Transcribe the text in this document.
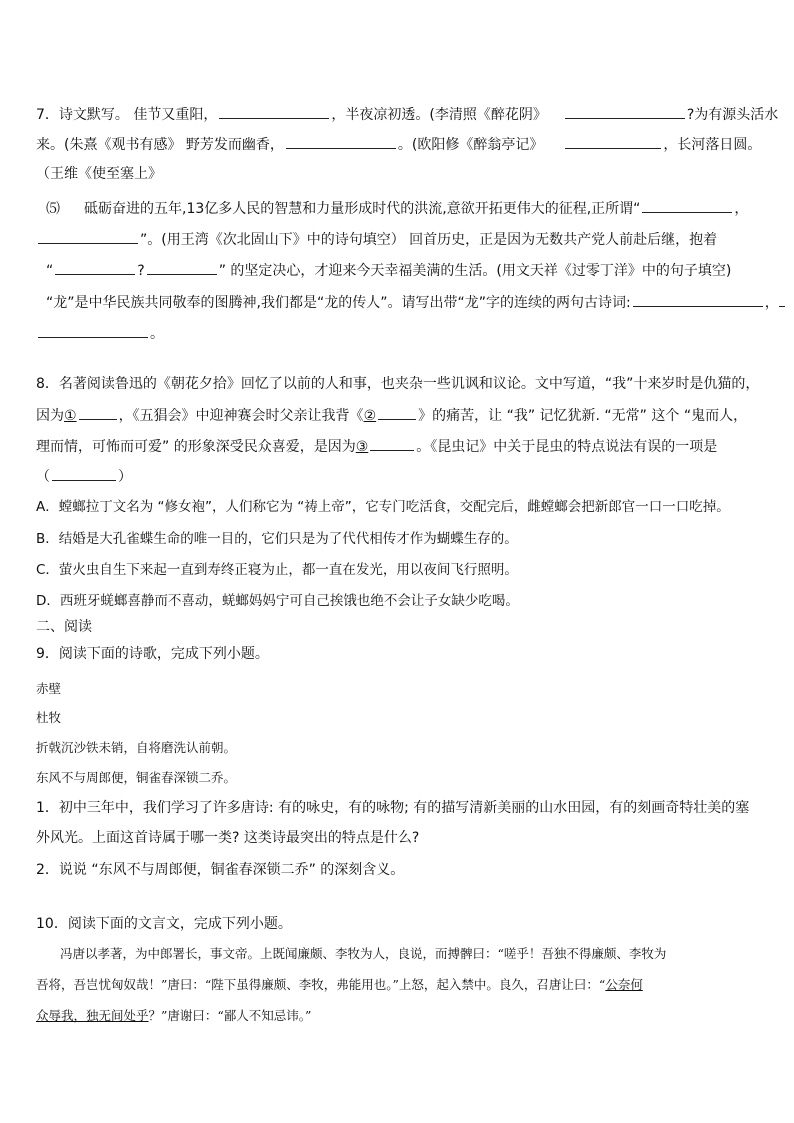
7．诗文默写。 佳节又重阳，	，半夜凉初透。(李清照《醉花阴》	?为有源头活水
来。(朱熹《观书有感》 野芳发而幽香，	。(欧阳修《醉翁亭记》	，长河落日圆。
（王维《使至塞上》
⑸ 砥砺奋进的五年,13亿多人民的智慧和力量形成时代的洪流,意欲开拓更伟大的征程,正所谓“	，
”。(用王湾《次北固山下》中的诗句填空） 回首历史，正是因为无数共产党人前赴后继，抱着
“	?	” 的坚定决心，才迎来今天幸福美满的生活。(用文天祥《过零丁洋》中的句子填空)
“龙”是中华民族共同敬奉的图腾神,我们都是“龙的传人”。请写出带“龙”字的连续的两句古诗词:	，
。
8．名著阅读鲁迅的《朝花夕拾》回忆了以前的人和事，也夹杂一些讥讽和议论。文中写道，“我”十来岁时是仇猫的，
因为①	，《五猖会》中迎神赛会时父亲让我背《②	》的痛苦，让 “我” 记忆犹新. “无常” 这个 “鬼而人，
理而情，可怖而可爱” 的形象深受民众喜爱，是因为③	。《昆虫记》中关于昆虫的特点说法有误的一项是
（	）
A．螳螂拉丁文名为 “修女袍”，人们称它为 “祷上帝”，它专门吃活食，交配完后，雌螳螂会把新郎官一口一口吃掉。
B．结婚是大孔雀蝶生命的唯一目的，它们只是为了代代相传才作为蝴蝶生存的。
C．萤火虫自生下来起一直到寿终正寝为止，都一直在发光，用以夜间飞行照明。
D．西班牙蜣螂喜静而不喜动，蜣螂妈妈宁可自己挨饿也绝不会让子女缺少吃喝。
二、阅读
9．阅读下面的诗歌，完成下列小题。
赤壁
杜牧
折戟沉沙铁未销，自将磨洗认前朝。
东风不与周郎便，铜雀春深锁二乔。
1．初中三年中，我们学习了许多唐诗: 有的咏史，有的咏物; 有的描写清新美丽的山水田园，有的刻画奇特壮美的塞
外风光。上面这首诗属于哪一类? 这类诗最突出的特点是什么?
2．说说 “东风不与周郎便，铜雀春深锁二乔” 的深刻含义。
10．阅读下面的文言文，完成下列小题。
冯唐以孝著，为中郎署长，事文帝。上既闻廉颇、李牧为人，良说，而搏髀曰：“嗟乎！吾独不得廉颇、李牧为
吾将，吾岂忧匈奴哉！”唐曰：“陛下虽得廉颇、李牧，弗能用也。”上怒，起入禁中。良久，召唐让曰：“公奈何
众辱我，独无间处乎？”唐谢曰：“鄙人不知忌讳。”
